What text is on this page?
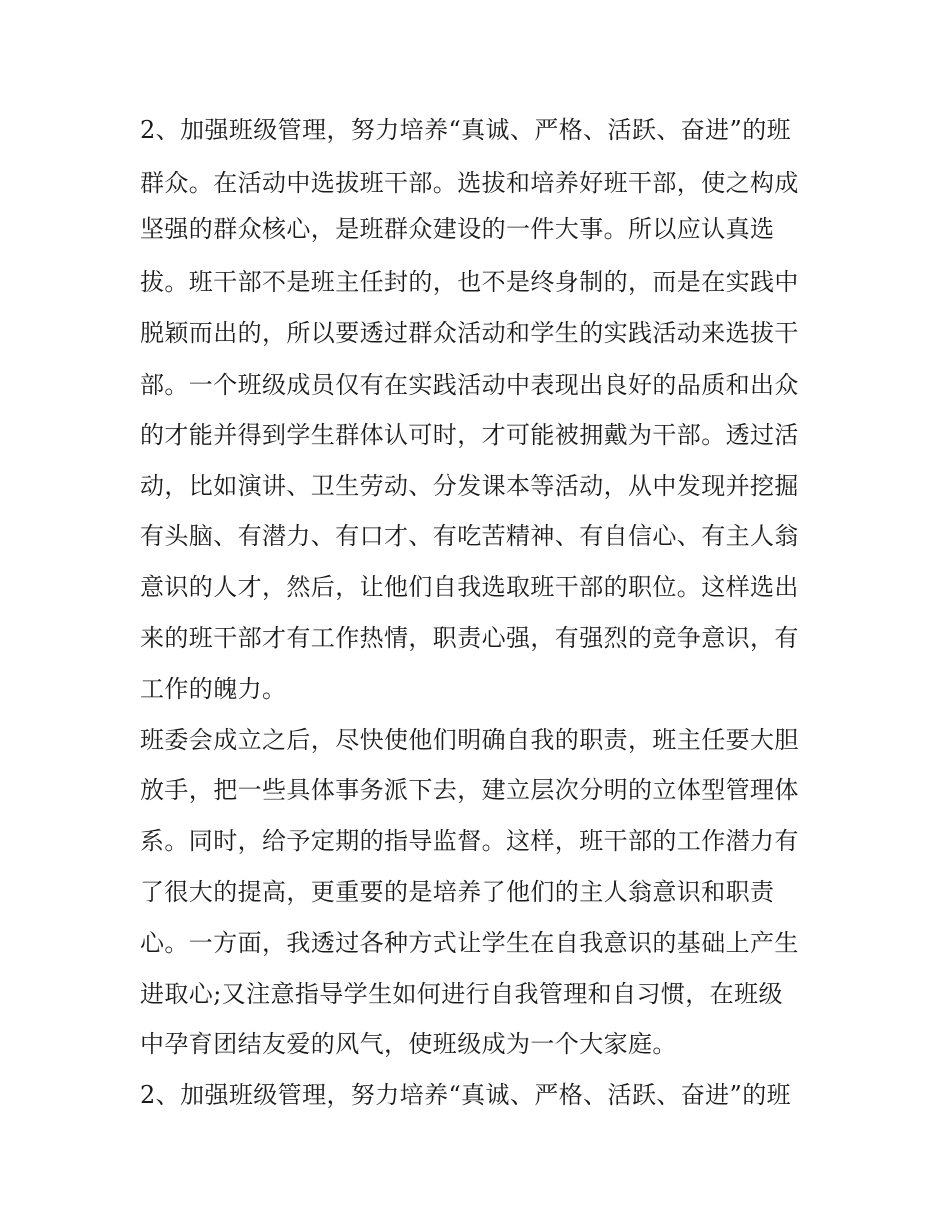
2、加强班级管理，努力培养“真诚、严格、活跃、奋进”的班
群众。在活动中选拔班干部。选拔和培养好班干部，使之构成
坚强的群众核心，是班群众建设的一件大事。所以应认真选
拔。班干部不是班主任封的，也不是终身制的，而是在实践中
脱颖而出的，所以要透过群众活动和学生的实践活动来选拔干
部。一个班级成员仅有在实践活动中表现出良好的品质和出众
的才能并得到学生群体认可时，才可能被拥戴为干部。透过活
动，比如演讲、卫生劳动、分发课本等活动，从中发现并挖掘
有头脑、有潜力、有口才、有吃苦精神、有自信心、有主人翁
意识的人才，然后，让他们自我选取班干部的职位。这样选出
来的班干部才有工作热情，职责心强，有强烈的竞争意识，有
工作的魄力。
班委会成立之后，尽快使他们明确自我的职责，班主任要大胆
放手，把一些具体事务派下去，建立层次分明的立体型管理体
系。同时，给予定期的指导监督。这样，班干部的工作潜力有
了很大的提高，更重要的是培养了他们的主人翁意识和职责
心。一方面，我透过各种方式让学生在自我意识的基础上产生
进取心;又注意指导学生如何进行自我管理和自习惯，在班级
中孕育团结友爱的风气，使班级成为一个大家庭。
2、加强班级管理，努力培养“真诚、严格、活跃、奋进”的班
